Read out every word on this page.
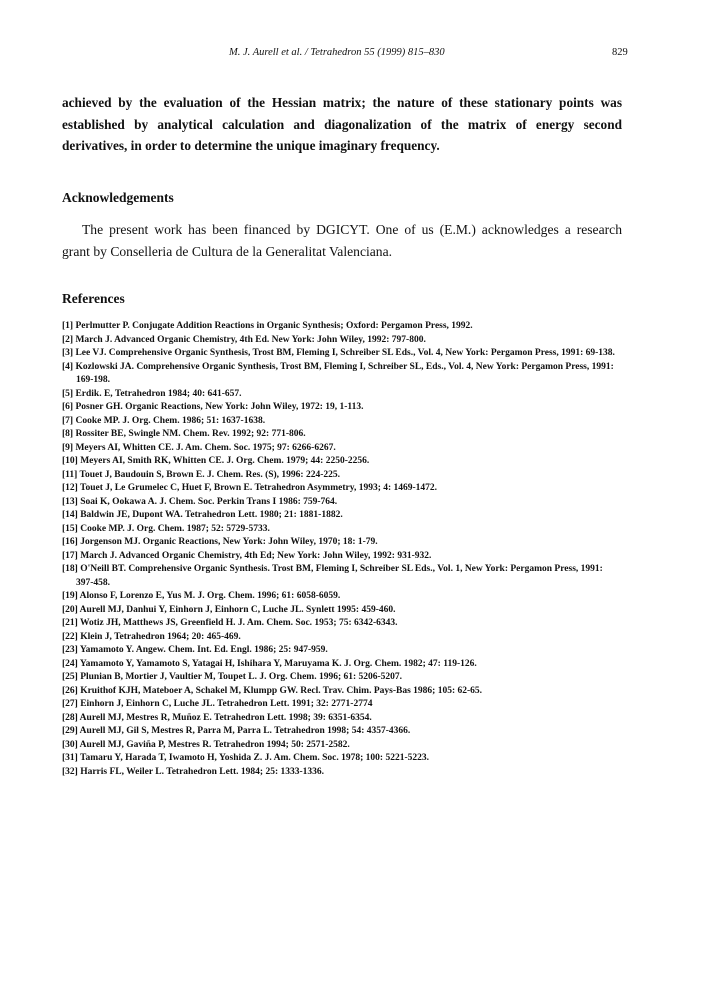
M. J. Aurell et al. / Tetrahedron 55 (1999) 815–830	829
achieved by the evaluation of the Hessian matrix; the nature of these stationary points was
established by analytical calculation and diagonalization of the matrix of energy second
derivatives, in order to determine the unique imaginary frequency.
Acknowledgements
The present work has been financed by DGICYT. One of us (E.M.) acknowledges a research
grant by Conselleria de Cultura de la Generalitat Valenciana.
References
[1] Perlmutter P. Conjugate Addition Reactions in Organic Synthesis; Oxford: Pergamon Press, 1992.
[2] March J. Advanced Organic Chemistry, 4th Ed. New York: John Wiley, 1992: 797-800.
[3] Lee VJ. Comprehensive Organic Synthesis, Trost BM, Fleming I, Schreiber SL Eds., Vol. 4, New York: Pergamon Press, 1991: 69-138.
[4] Kozlowski JA. Comprehensive Organic Synthesis, Trost BM, Fleming I, Schreiber SL, Eds., Vol. 4, New York: Pergamon Press, 1991: 169-198.
[5] Erdik. E, Tetrahedron 1984; 40: 641-657.
[6] Posner GH. Organic Reactions, New York: John Wiley, 1972: 19, 1-113.
[7] Cooke MP. J. Org. Chem. 1986; 51: 1637-1638.
[8] Rossiter BE, Swingle NM. Chem. Rev. 1992; 92: 771-806.
[9] Meyers AI, Whitten CE. J. Am. Chem. Soc. 1975; 97: 6266-6267.
[10] Meyers AI, Smith RK, Whitten CE. J. Org. Chem. 1979; 44: 2250-2256.
[11] Touet J, Baudouin S, Brown E. J. Chem. Res. (S), 1996: 224-225.
[12] Touet J, Le Grumelec C, Huet F, Brown E. Tetrahedron Asymmetry, 1993; 4: 1469-1472.
[13] Soai K, Ookawa A. J. Chem. Soc. Perkin Trans I 1986: 759-764.
[14] Baldwin JE, Dupont WA. Tetrahedron Lett. 1980; 21: 1881-1882.
[15] Cooke MP. J. Org. Chem. 1987; 52: 5729-5733.
[16] Jorgenson MJ. Organic Reactions, New York: John Wiley, 1970; 18: 1-79.
[17] March J. Advanced Organic Chemistry, 4th Ed; New York: John Wiley, 1992: 931-932.
[18] O'Neill BT. Comprehensive Organic Synthesis. Trost BM, Fleming I, Schreiber SL Eds., Vol. 1, New York: Pergamon Press, 1991: 397-458.
[19] Alonso F, Lorenzo E, Yus M. J. Org. Chem. 1996; 61: 6058-6059.
[20] Aurell MJ, Danhui Y, Einhorn J, Einhorn C, Luche JL. Synlett 1995: 459-460.
[21] Wotiz JH, Matthews JS, Greenfield H. J. Am. Chem. Soc. 1953; 75: 6342-6343.
[22] Klein J, Tetrahedron 1964; 20: 465-469.
[23] Yamamoto Y. Angew. Chem. Int. Ed. Engl. 1986; 25: 947-959.
[24] Yamamoto Y, Yamamoto S, Yatagai H, Ishihara Y, Maruyama K. J. Org. Chem. 1982; 47: 119-126.
[25] Plunian B, Mortier J, Vaultier M, Toupet L. J. Org. Chem. 1996; 61: 5206-5207.
[26] Kruithof KJH, Mateboer A, Schakel M, Klumpp GW. Recl. Trav. Chim. Pays-Bas 1986; 105: 62-65.
[27] Einhorn J, Einhorn C, Luche JL. Tetrahedron Lett. 1991; 32: 2771-2774
[28] Aurell MJ, Mestres R, Muñoz E. Tetrahedron Lett. 1998; 39: 6351-6354.
[29] Aurell MJ, Gil S, Mestres R, Parra M, Parra L. Tetrahedron 1998; 54: 4357-4366.
[30] Aurell MJ, Gaviña P, Mestres R. Tetrahedron 1994; 50: 2571-2582.
[31] Tamaru Y, Harada T, Iwamoto H, Yoshida Z. J. Am. Chem. Soc. 1978; 100: 5221-5223.
[32] Harris FL, Weiler L. Tetrahedron Lett. 1984; 25: 1333-1336.
